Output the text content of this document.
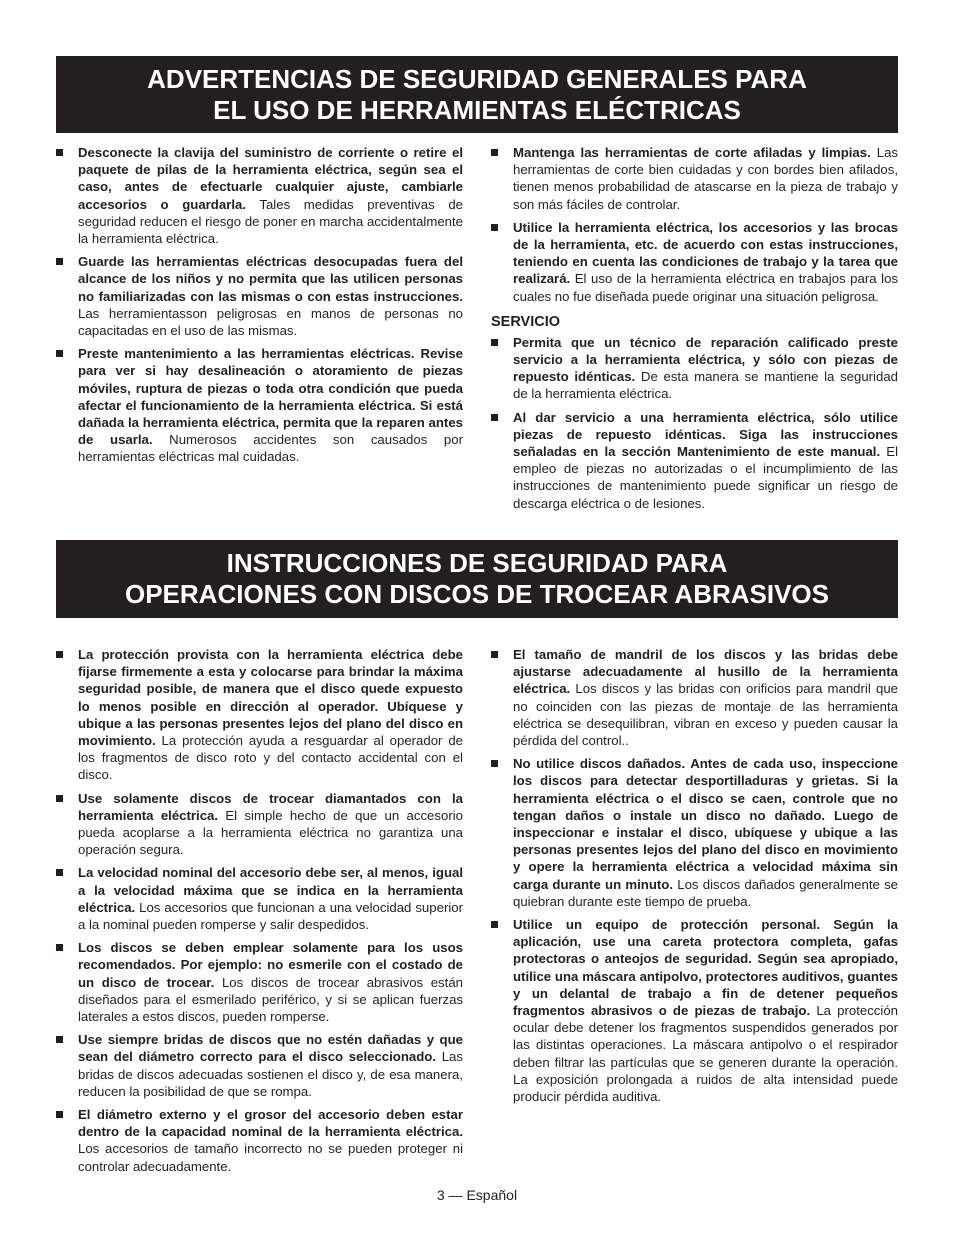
ADVERTENCIAS DE SEGURIDAD GENERALES PARA
EL USO DE HERRAMIENTAS ELÉCTRICAS
Desconecte la clavija del suministro de corriente o retire el paquete de pilas de la herramienta eléctrica, según sea el caso, antes de efectuarle cualquier ajuste, cambiarle accesorios o guardarla. Tales medidas preventivas de seguridad reducen el riesgo de poner en marcha accidentalmente la herramienta eléctrica.
Guarde las herramientas eléctricas desocupadas fuera del alcance de los niños y no permita que las utilicen personas no familiarizadas con las mismas o con estas instrucciones. Las herramientasson peligrosas en manos de personas no capacitadas en el uso de las mismas.
Preste mantenimiento a las herramientas eléctricas. Revise para ver si hay desalineación o atoramiento de piezas móviles, ruptura de piezas o toda otra condición que pueda afectar el funcionamiento de la herramienta eléctrica. Si está dañada la herramienta eléctrica, permita que la reparen antes de usarla. Numerosos accidentes son causados por herramientas eléctricas mal cuidadas.
Mantenga las herramientas de corte afiladas y limpias. Las herramientas de corte bien cuidadas y con bordes bien afilados, tienen menos probabilidad de atascarse en la pieza de trabajo y son más fáciles de controlar.
Utilice la herramienta eléctrica, los accesorios y las brocas de la herramienta, etc. de acuerdo con estas instrucciones, teniendo en cuenta las condiciones de trabajo y la tarea que realizará. El uso de la herramienta eléctrica en trabajos para los cuales no fue diseñada puede originar una situación peligrosa.
SERVICIO
Permita que un técnico de reparación calificado preste servicio a la herramienta eléctrica, y sólo con piezas de repuesto idénticas. De esta manera se mantiene la seguridad de la herramienta eléctrica.
Al dar servicio a una herramienta eléctrica, sólo utilice piezas de repuesto idénticas. Siga las instrucciones señaladas en la sección Mantenimiento de este manual. El empleo de piezas no autorizadas o el incumplimiento de las instrucciones de mantenimiento puede significar un riesgo de descarga eléctrica o de lesiones.
INSTRUCCIONES DE SEGURIDAD PARA
OPERACIONES CON DISCOS DE TROCEAR ABRASIVOS
La protección provista con la herramienta eléctrica debe fijarse firmemente a esta y colocarse para brindar la máxima seguridad posible, de manera que el disco quede expuesto lo menos posible en dirección al operador. Ubíquese y ubique a las personas presentes lejos del plano del disco en movimiento. La protección ayuda a resguardar al operador de los fragmentos de disco roto y del contacto accidental con el disco.
Use solamente discos de trocear diamantados con la herramienta eléctrica. El simple hecho de que un accesorio pueda acoplarse a la herramienta eléctrica no garantiza una operación segura.
La velocidad nominal del accesorio debe ser, al menos, igual a la velocidad máxima que se indica en la herramienta eléctrica. Los accesorios que funcionan a una velocidad superior a la nominal pueden romperse y salir despedidos.
Los discos se deben emplear solamente para los usos recomendados. Por ejemplo: no esmerile con el costado de un disco de trocear. Los discos de trocear abrasivos están diseñados para el esmerilado periférico, y si se aplican fuerzas laterales a estos discos, pueden romperse.
Use siempre bridas de discos que no estén dañadas y que sean del diámetro correcto para el disco seleccionado. Las bridas de discos adecuadas sostienen el disco y, de esa manera, reducen la posibilidad de que se rompa.
El diámetro externo y el grosor del accesorio deben estar dentro de la capacidad nominal de la herramienta eléctrica. Los accesorios de tamaño incorrecto no se pueden proteger ni controlar adecuadamente.
El tamaño de mandril de los discos y las bridas debe ajustarse adecuadamente al husillo de la herramienta eléctrica. Los discos y las bridas con orificios para mandril que no coinciden con las piezas de montaje de las herramienta eléctrica se desequilibran, vibran en exceso y pueden causar la pérdida del control..
No utilice discos dañados. Antes de cada uso, inspeccione los discos para detectar desportilladuras y grietas. Si la herramienta eléctrica o el disco se caen, controle que no tengan daños o instale un disco no dañado. Luego de inspeccionar e instalar el disco, ubíquese y ubique a las personas presentes lejos del plano del disco en movimiento y opere la herramienta eléctrica a velocidad máxima sin carga durante un minuto. Los discos dañados generalmente se quiebran durante este tiempo de prueba.
Utilice un equipo de protección personal. Según la aplicación, use una careta protectora completa, gafas protectoras o anteojos de seguridad. Según sea apropiado, utilice una máscara antipolvo, protectores auditivos, guantes y un delantal de trabajo a fin de detener pequeños fragmentos abrasivos o de piezas de trabajo. La protección ocular debe detener los fragmentos suspendidos generados por las distintas operaciones. La máscara antipolvo o el respirador deben filtrar las partículas que se generen durante la operación. La exposición prolongada a ruidos de alta intensidad puede producir pérdida auditiva.
3 — Español
